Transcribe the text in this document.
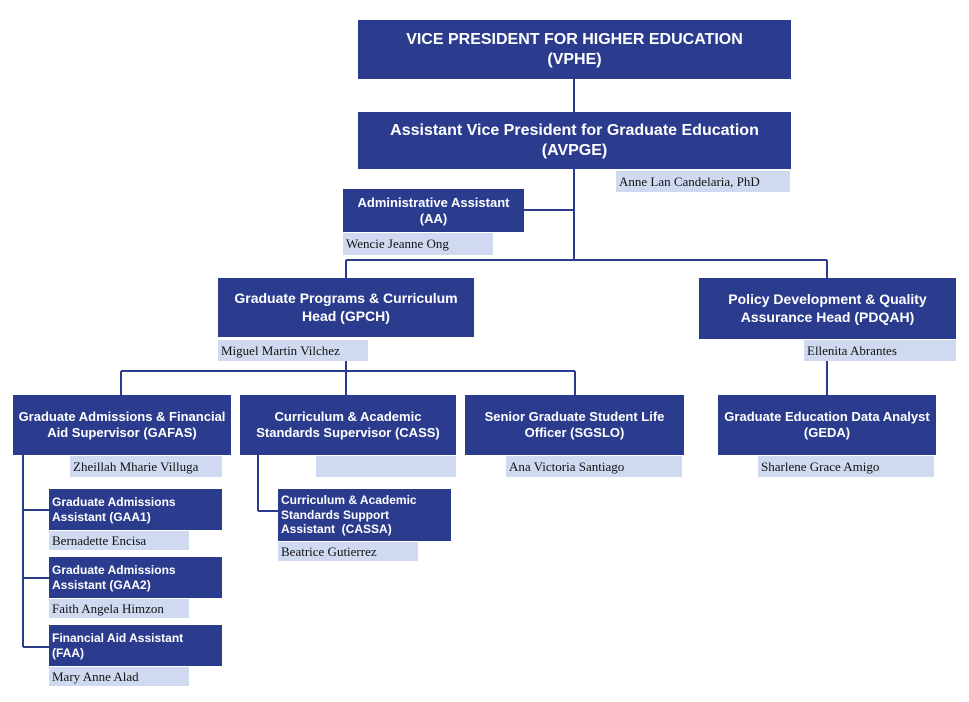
VICE PRESIDENT FOR HIGHER EDUCATION
(VPHE)
Assistant Vice President for Graduate Education
(AVPGE)
Anne Lan Candelaria, PhD
Administrative Assistant
(AA)
Wencie Jeanne Ong
Graduate Programs & Curriculum
Head (GPCH)
Miguel Martin Vilchez
Policy Development & Quality
Assurance Head (PDQAH)
Ellenita Abrantes
Graduate Admissions & Financial
Aid Supervisor (GAFAS)
Zheillah Mharie Villuga
Curriculum & Academic
Standards Supervisor (CASS)
Senior Graduate Student Life
Officer (SGSLO)
Ana Victoria Santiago
Graduate Education Data Analyst
(GEDA)
Sharlene Grace Amigo
Graduate Admissions
Assistant (GAA1)
Bernadette Encisa
Graduate Admissions
Assistant (GAA2)
Faith Angela Himzon
Financial Aid Assistant
(FAA)
Mary Anne Alad
Curriculum & Academic
Standards Support
Assistant  (CASSA)
Beatrice Gutierrez
